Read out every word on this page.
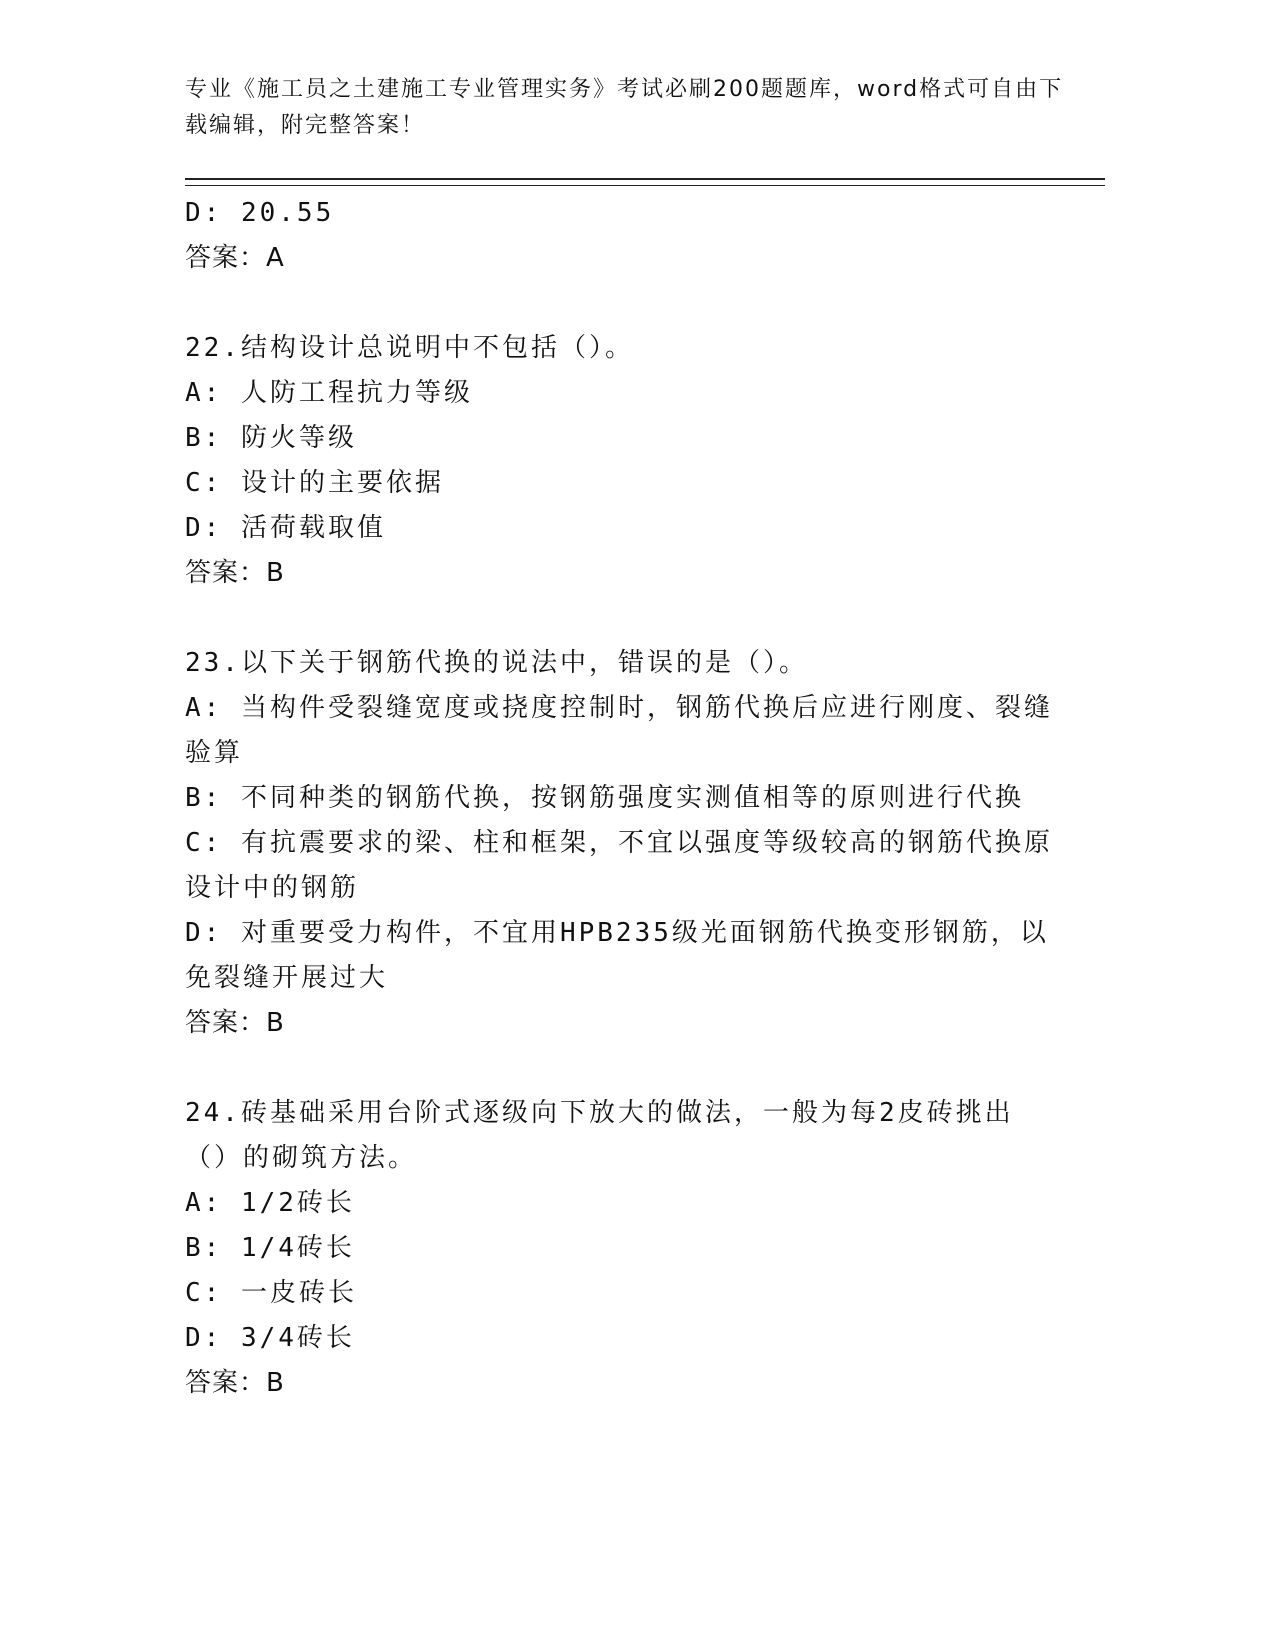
专业《施工员之土建施工专业管理实务》考试必刷200题题库，word格式可自由下载编辑，附完整答案！
D: 20.55
答案：A
22.结构设计总说明中不包括（）。
A: 人防工程抗力等级
B: 防火等级
C: 设计的主要依据
D: 活荷载取值
答案：B
23.以下关于钢筋代换的说法中，错误的是（）。
A: 当构件受裂缝宽度或挠度控制时，钢筋代换后应进行刚度、裂缝验算
B: 不同种类的钢筋代换，按钢筋强度实测值相等的原则进行代换
C: 有抗震要求的梁、柱和框架，不宜以强度等级较高的钢筋代换原设计中的钢筋
D: 对重要受力构件，不宜用HPB235级光面钢筋代换变形钢筋，以免裂缝开展过大
答案：B
24.砖基础采用台阶式逐级向下放大的做法，一般为每2皮砖挑出（）的砌筑方法。
A: 1/2砖长
B: 1/4砖长
C: 一皮砖长
D: 3/4砖长
答案：B
